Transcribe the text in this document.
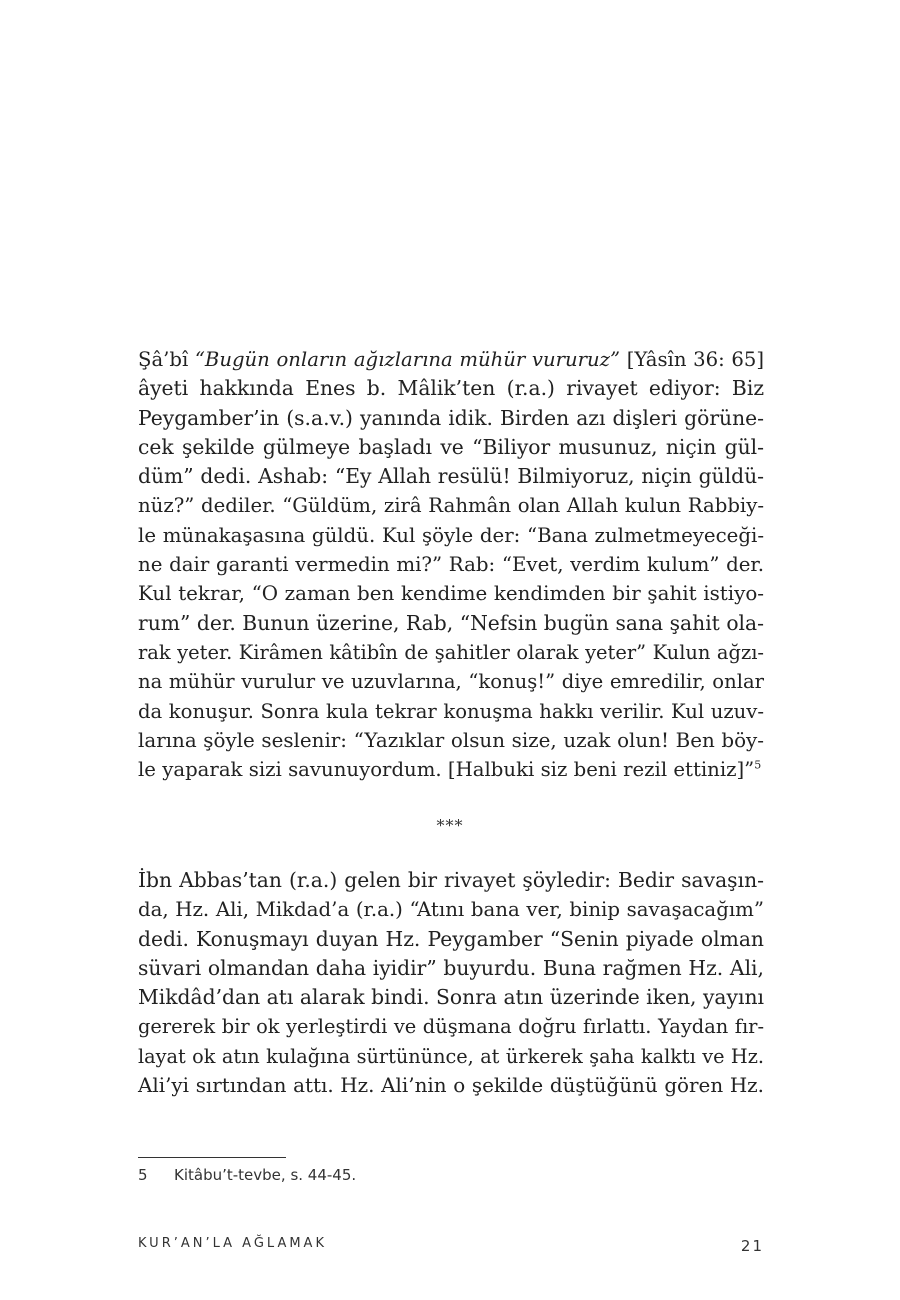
Şâ’bî “Bugün onların ağızlarına mühür vururuz” [Yâsîn 36: 65]
âyeti hakkında Enes b. Mâlik’ten (r.a.) rivayet ediyor: Biz
Peygamber’in (s.a.v.) yanında idik. Birden azı dişleri görüne-
cek şekilde gülmeye başladı ve “Biliyor musunuz, niçin gül-
düm” dedi. Ashab: “Ey Allah resülü! Bilmiyoruz, niçin güldü-
nüz?” dediler. “Güldüm, zirâ Rahmân olan Allah kulun Rabbiy-
le münakaşasına güldü. Kul şöyle der: “Bana zulmetmeyeceği-
ne dair garanti vermedin mi?” Rab: “Evet, verdim kulum” der.
Kul tekrar, “O zaman ben kendime kendimden bir şahit istiyo-
rum” der. Bunun üzerine, Rab, “Nefsin bugün sana şahit ola-
rak yeter. Kirâmen kâtibîn de şahitler olarak yeter” Kulun ağzı-
na mühür vurulur ve uzuvlarına, “konuş!” diye emredilir, onlar
da konuşur. Sonra kula tekrar konuşma hakkı verilir. Kul uzuv-
larına şöyle seslenir: “Yazıklar olsun size, uzak olun! Ben böy-
le yaparak sizi savunuyordum. [Halbuki siz beni rezil ettiniz]”$^5$
***
İbn Abbas’tan (r.a.) gelen bir rivayet şöyledir: Bedir savaşın-
da, Hz. Ali, Mikdad’a (r.a.) “Atını bana ver, binip savaşacağım”
dedi. Konuşmayı duyan Hz. Peygamber “Senin piyade olman
süvari olmandan daha iyidir” buyurdu. Buna rağmen Hz. Ali,
Mikdâd’dan atı alarak bindi. Sonra atın üzerinde iken, yayını
gererek bir ok yerleştirdi ve düşmana doğru fırlattı. Yaydan fır-
layat ok atın kulağına sürtününce, at ürkerek şaha kalktı ve Hz.
Ali’yi sırtından attı. Hz. Ali’nin o şekilde düştüğünü gören Hz.
5 Kitâbu’t-tevbe, s. 44-45.
KUR’AN’LA AĞLAMAK	21
